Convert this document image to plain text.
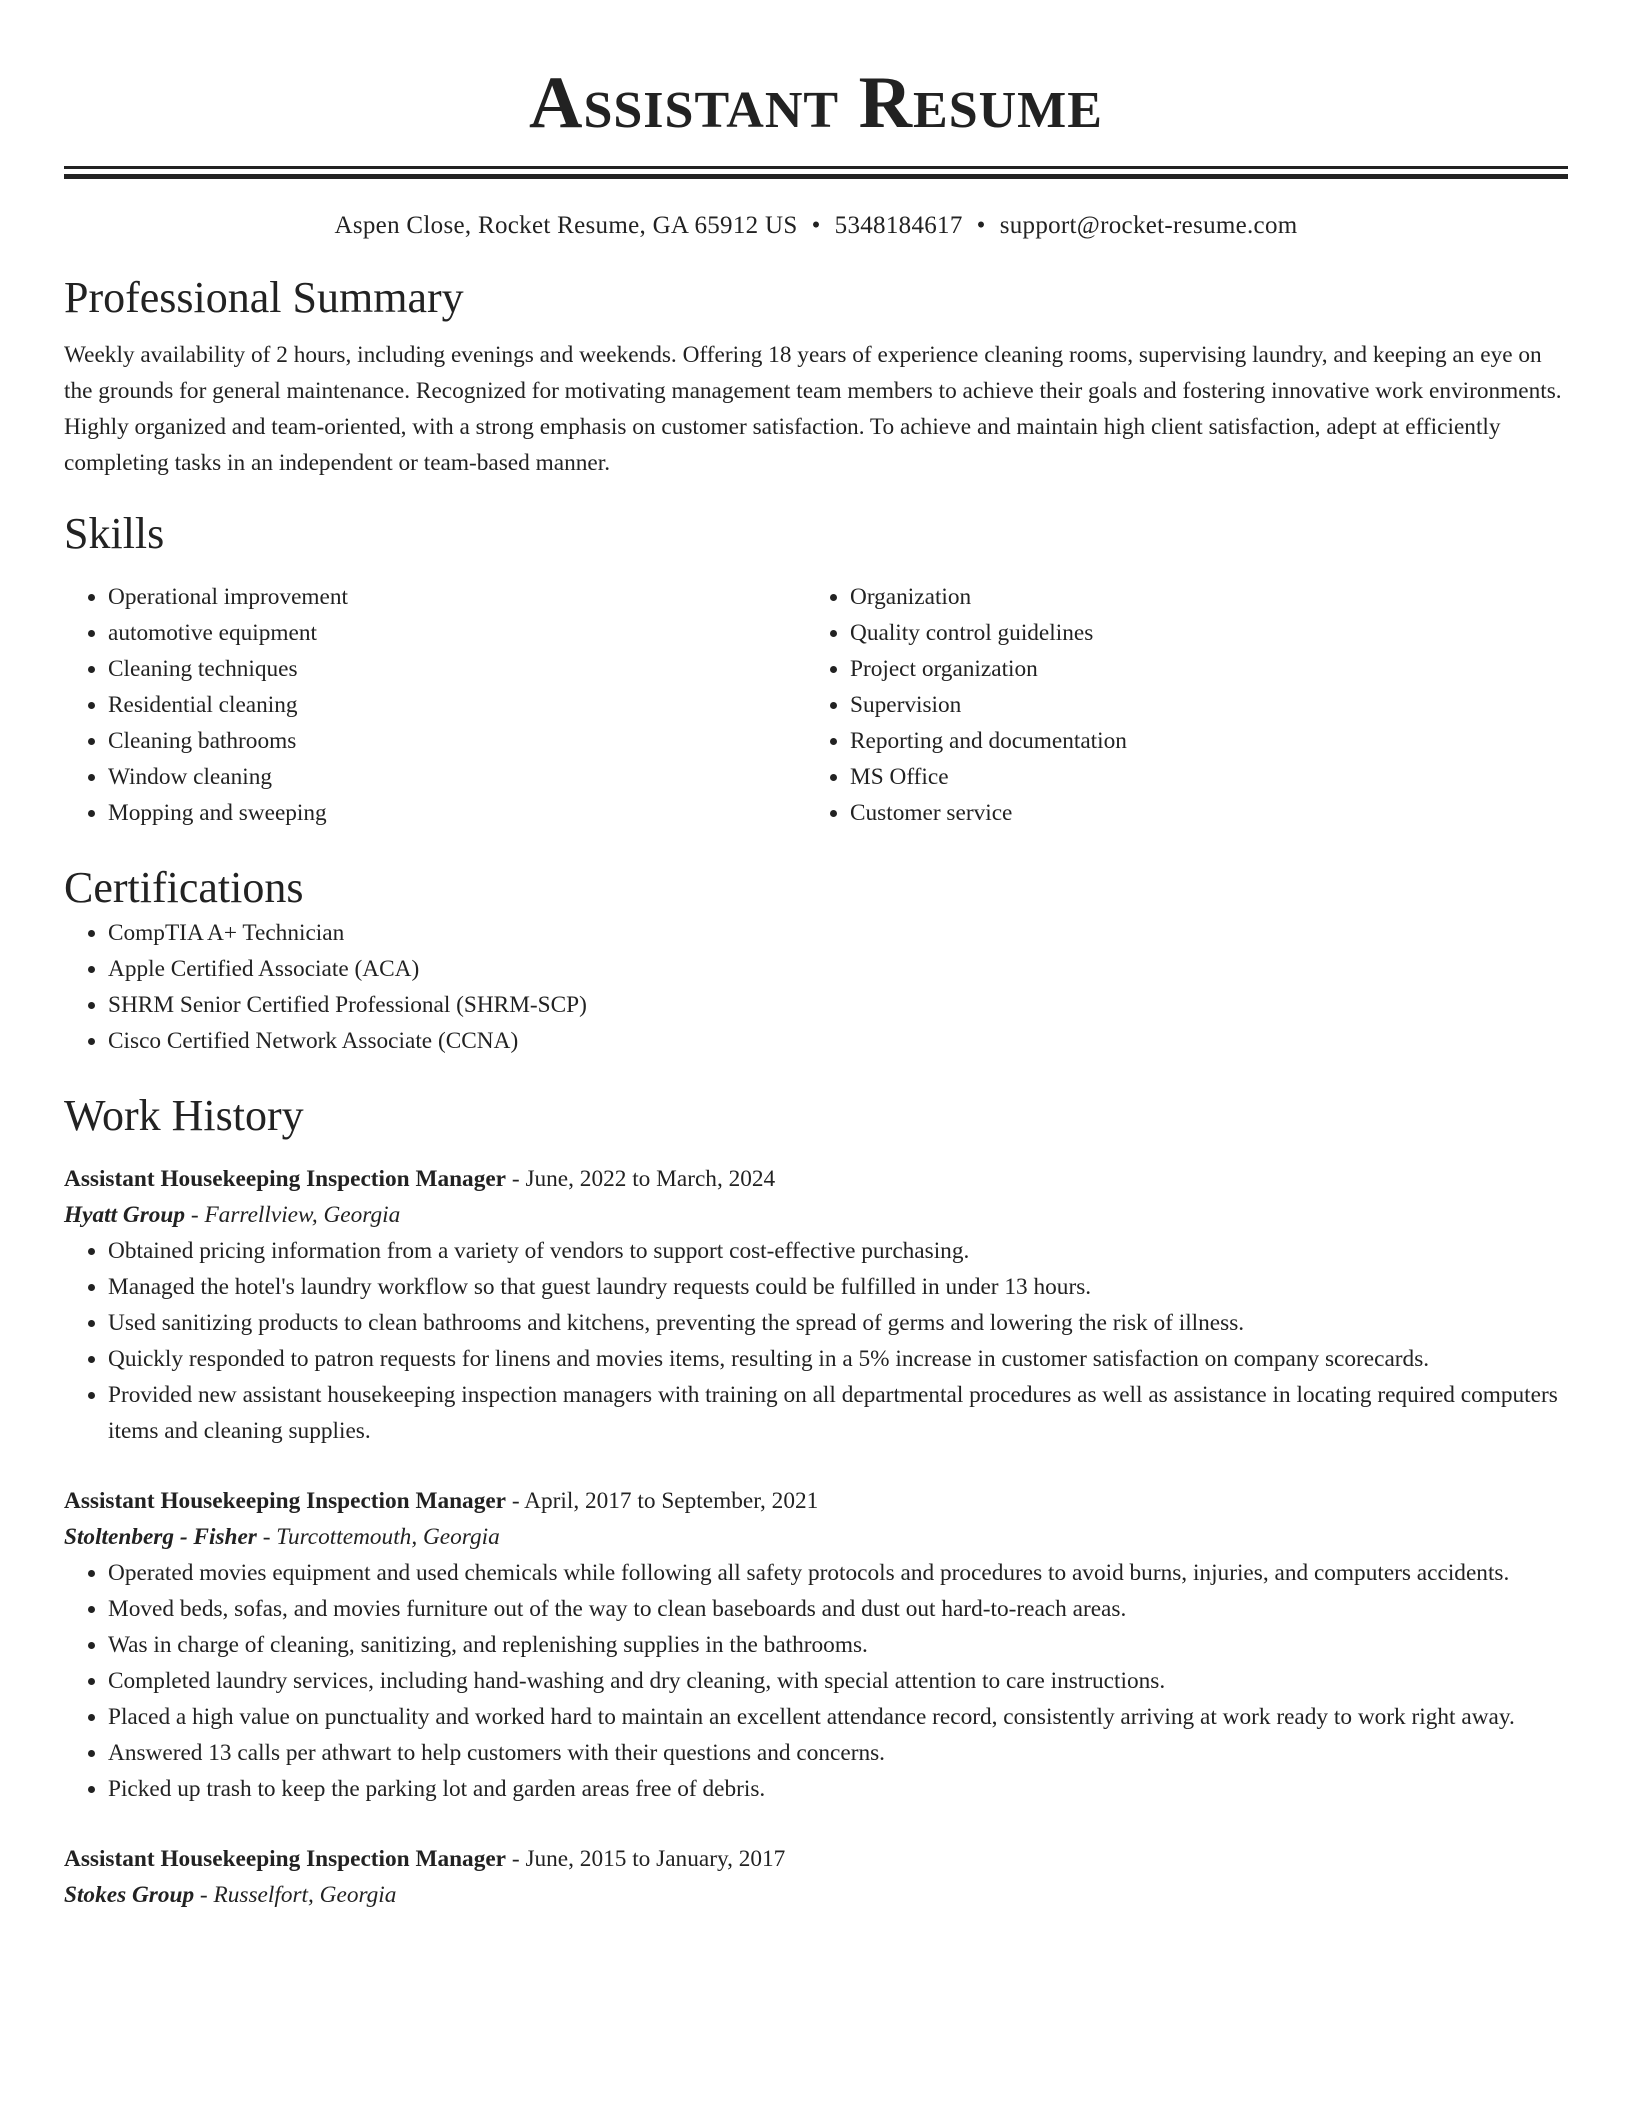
Assistant Resume
Aspen Close, Rocket Resume, GA 65912 US • 5348184617 • support@rocket-resume.com
Professional Summary
Weekly availability of 2 hours, including evenings and weekends. Offering 18 years of experience cleaning rooms, supervising laundry, and keeping an eye on the grounds for general maintenance. Recognized for motivating management team members to achieve their goals and fostering innovative work environments. Highly organized and team-oriented, with a strong emphasis on customer satisfaction. To achieve and maintain high client satisfaction, adept at efficiently completing tasks in an independent or team-based manner.
Skills
• Operational improvement
• automotive equipment
• Cleaning techniques
• Residential cleaning
• Cleaning bathrooms
• Window cleaning
• Mopping and sweeping
• Organization
• Quality control guidelines
• Project organization
• Supervision
• Reporting and documentation
• MS Office
• Customer service
Certifications
• CompTIA A+ Technician
• Apple Certified Associate (ACA)
• SHRM Senior Certified Professional (SHRM-SCP)
• Cisco Certified Network Associate (CCNA)
Work History
Assistant Housekeeping Inspection Manager - June, 2022 to March, 2024
Hyatt Group - Farrellview, Georgia
• Obtained pricing information from a variety of vendors to support cost-effective purchasing.
• Managed the hotel's laundry workflow so that guest laundry requests could be fulfilled in under 13 hours.
• Used sanitizing products to clean bathrooms and kitchens, preventing the spread of germs and lowering the risk of illness.
• Quickly responded to patron requests for linens and movies items, resulting in a 5% increase in customer satisfaction on company scorecards.
• Provided new assistant housekeeping inspection managers with training on all departmental procedures as well as assistance in locating required computers items and cleaning supplies.
Assistant Housekeeping Inspection Manager - April, 2017 to September, 2021
Stoltenberg - Fisher - Turcottemouth, Georgia
• Operated movies equipment and used chemicals while following all safety protocols and procedures to avoid burns, injuries, and computers accidents.
• Moved beds, sofas, and movies furniture out of the way to clean baseboards and dust out hard-to-reach areas.
• Was in charge of cleaning, sanitizing, and replenishing supplies in the bathrooms.
• Completed laundry services, including hand-washing and dry cleaning, with special attention to care instructions.
• Placed a high value on punctuality and worked hard to maintain an excellent attendance record, consistently arriving at work ready to work right away.
• Answered 13 calls per athwart to help customers with their questions and concerns.
• Picked up trash to keep the parking lot and garden areas free of debris.
Assistant Housekeeping Inspection Manager - June, 2015 to January, 2017
Stokes Group - Russelfort, Georgia
